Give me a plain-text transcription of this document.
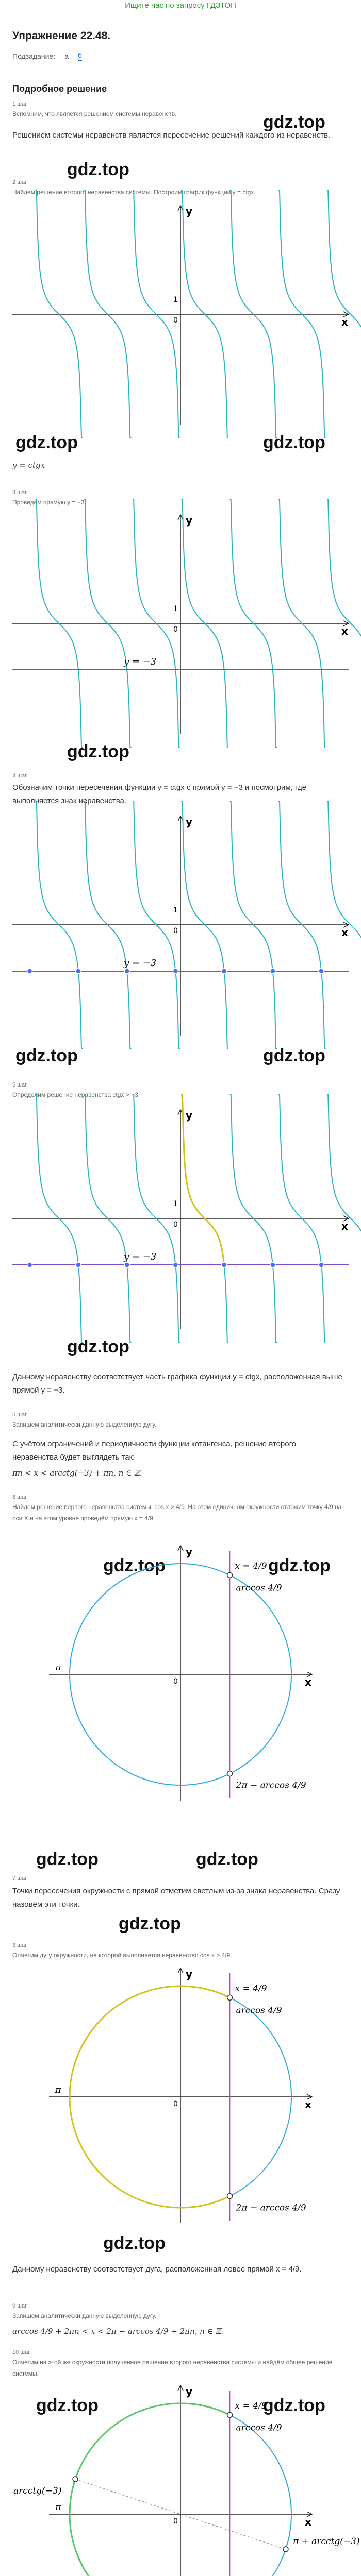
Ищите нас по запросу ГДЗТОП
Упражнение 22.48.
Подзадание: а б
Подробное решение
1 шаг
Вспомним, что является решением системы неравенств.
Решением системы неравенств является пересечение решений каждого из неравенств.
gdz.top
2 шаг
Найдем решение второго неравенства системы. Построим график функции y = ctgx.
gdz.top
x
y
1
0
gdz.top	gdz.top
y = ctgx
3 шаг
Проведем прямую y = −3.
x
y
1
0
y = −3
gdz.top
4 шаг
Обозначим точки пересечения функции y = ctgx с прямой y = −3 и посмотрим, где выполняется знак неравенства.
x
y
1
0
y = −3
gdz.top	gdz.top
5 шаг
Определим решение неравенства ctgx > −3.
x
y
1
0
y = −3
gdz.top
Данному неравенству соответствует часть графика функции y = ctgx, расположенная выше прямой y = −3.
6 шаг
Запишем аналитически данную выделенную дугу.
С учётом ограничений и периодичности функции котангенса, решение второго неравенства будет выглядеть так:
πn < x < arcctg(−3) + πn, n ∈ ℤ.
8 шаг
Найдем решение первого неравенства системы: cos x > 4/9. На этом единичном окружности отложим точку 4/9 на оси X и на этом уровне проведём прямую x = 4/9.
gdz.top	gdz.top
x
y
π
0
x = 4/9
arccos 4/9
2π − arccos 4/9
gdz.top	gdz.top
7 шаг
Точки пересечения окружности с прямой отметим светлым из-за знака неравенства. Сразу назовём эти точки.
gdz.top
3 шаг
Отметим дугу окружности, на которой выполняется неравенство cos x > 4/9.
x
y
π
0
x = 4/9
arccos 4/9
2π − arccos 4/9
gdz.top
Данному неравенству соответствует дуга, расположенная левее прямой x = 4/9.
9 шаг
Запишем аналитически данную выделенную дугу.
arccos 4/9 + 2πn < x < 2π − arccos 4/9 + 2πn, n ∈ ℤ.
10 шаг
Отметим на этой же окружности полученное решение второго неравенства системы и найдём общее решение системы.
gdz.top	gdz.top
x
y
π
0
x = 4/9
arccos 4/9
arcctg(−3)
π + arcctg(−3)
